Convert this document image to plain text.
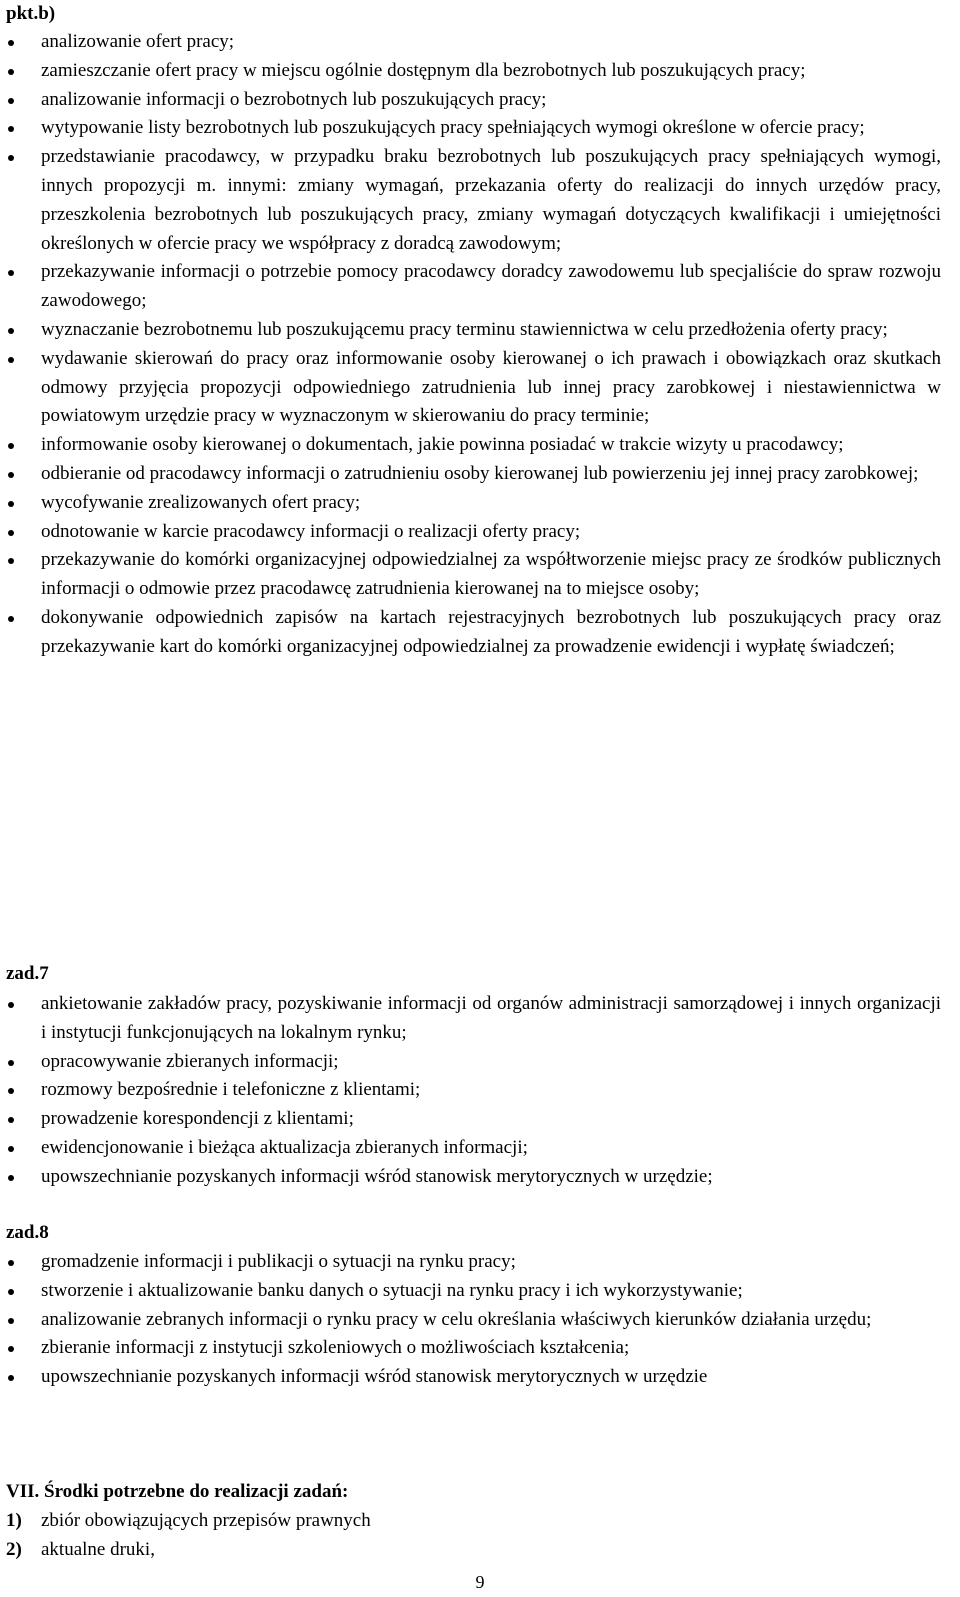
pkt.b)
analizowanie ofert pracy;
zamieszczanie ofert pracy w miejscu ogólnie dostępnym dla bezrobotnych lub poszukujących pracy;
analizowanie informacji o bezrobotnych lub poszukujących pracy;
wytypowanie listy bezrobotnych lub poszukujących pracy spełniających wymogi określone w ofercie pracy;
przedstawianie pracodawcy, w przypadku braku bezrobotnych lub poszukujących pracy spełniających wymogi, innych propozycji m. innymi: zmiany wymagań, przekazania oferty do realizacji do innych urzędów pracy, przeszkolenia bezrobotnych lub poszukujących pracy, zmiany wymagań dotyczących kwalifikacji i umiejętności określonych w ofercie pracy we współpracy z doradcą zawodowym;
przekazywanie informacji o potrzebie pomocy pracodawcy doradcy zawodowemu lub specjaliście do spraw rozwoju zawodowego;
wyznaczanie bezrobotnemu lub poszukującemu pracy terminu stawiennictwa w celu przedłożenia oferty pracy;
wydawanie skierowań do pracy oraz informowanie osoby kierowanej o ich prawach i obowiązkach oraz skutkach odmowy przyjęcia propozycji odpowiedniego zatrudnienia lub innej pracy zarobkowej i niestawiennictwa w powiatowym urzędzie pracy w wyznaczonym w skierowaniu do pracy terminie;
informowanie osoby kierowanej o dokumentach, jakie powinna posiadać w trakcie wizyty u pracodawcy;
odbieranie od pracodawcy informacji o zatrudnieniu osoby kierowanej lub powierzeniu jej innej pracy zarobkowej;
wycofywanie zrealizowanych ofert pracy;
odnotowanie w karcie pracodawcy informacji o realizacji oferty pracy;
przekazywanie do komórki organizacyjnej odpowiedzialnej za współtworzenie miejsc pracy ze środków publicznych informacji o odmowie przez pracodawcę zatrudnienia kierowanej na to miejsce osoby;
dokonywanie odpowiednich zapisów na kartach rejestracyjnych bezrobotnych lub poszukujących pracy oraz przekazywanie kart do komórki organizacyjnej odpowiedzialnej za prowadzenie ewidencji i wypłatę świadczeń;
zad.7
ankietowanie zakładów pracy, pozyskiwanie informacji od organów administracji samorządowej i innych organizacji i instytucji funkcjonujących na lokalnym rynku;
opracowywanie zbieranych informacji;
rozmowy bezpośrednie i telefoniczne z klientami;
prowadzenie korespondencji z klientami;
ewidencjonowanie i bieżąca aktualizacja zbieranych informacji;
upowszechnianie pozyskanych informacji wśród stanowisk merytorycznych w urzędzie;
zad.8
gromadzenie informacji i publikacji o sytuacji na rynku pracy;
stworzenie i aktualizowanie banku danych o sytuacji na rynku pracy i ich wykorzystywanie;
analizowanie zebranych informacji o rynku pracy w celu określania właściwych kierunków działania urzędu;
zbieranie informacji z instytucji szkoleniowych o możliwościach kształcenia;
upowszechnianie pozyskanych informacji wśród stanowisk merytorycznych w urzędzie
VII. Środki potrzebne do realizacji zadań:
1) zbiór obowiązujących przepisów prawnych
2) aktualne druki,
9
